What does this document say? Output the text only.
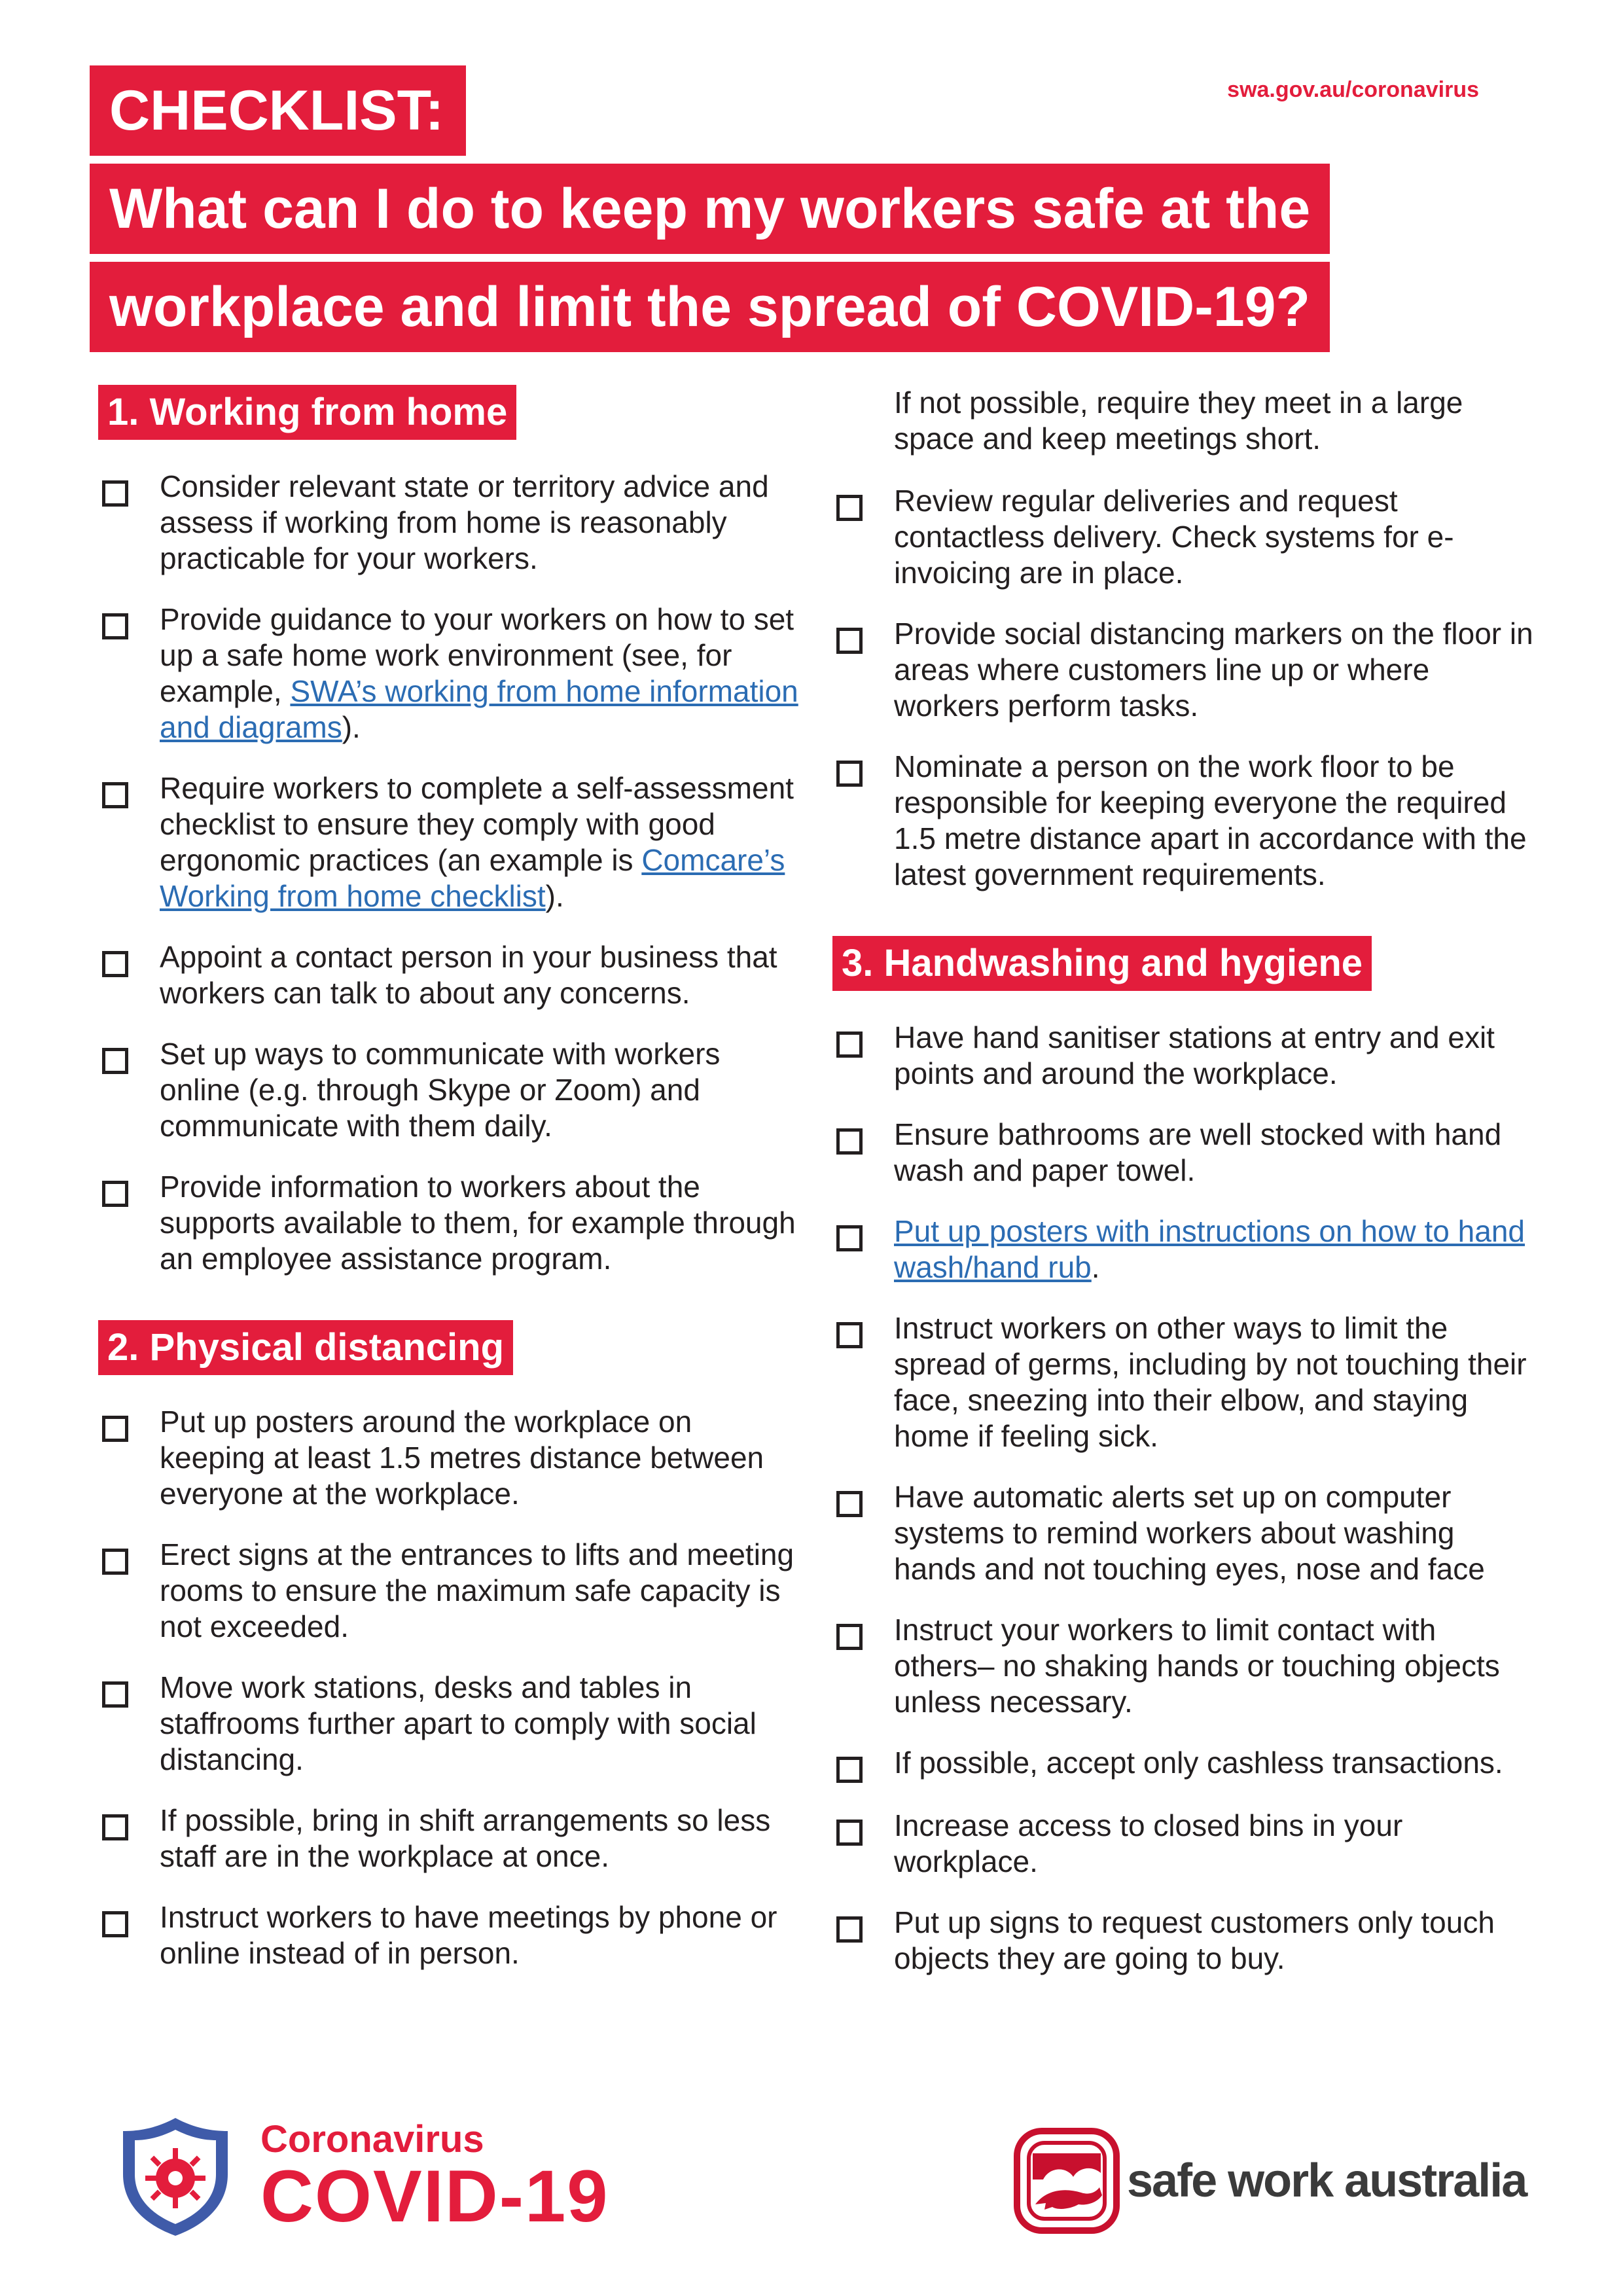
CHECKLIST:
What can I do to keep my workers safe at the
workplace and limit the spread of COVID-19?
swa.gov.au/coronavirus
1. Working from home
Consider relevant state or territory advice and assess if working from home is reasonably practicable for your workers.
Provide guidance to your workers on how to set up a safe home work environment (see, for example, SWA’s working from home information and diagrams).
Require workers to complete a self-assessment checklist to ensure they comply with good ergonomic practices (an example is Comcare’s Working from home checklist).
Appoint a contact person in your business that workers can talk to about any concerns.
Set up ways to communicate with workers online (e.g. through Skype or Zoom) and communicate with them daily.
Provide information to workers about the supports available to them, for example through an employee assistance program.
2. Physical distancing
Put up posters around the workplace on keeping at least 1.5 metres distance between everyone at the workplace.
Erect signs at the entrances to lifts and meeting rooms to ensure the maximum safe capacity is not exceeded.
Move work stations, desks and tables in staffrooms further apart to comply with social distancing.
If possible, bring in shift arrangements so less staff are in the workplace at once.
Instruct workers to have meetings by phone or online instead of in person.
If not possible, require they meet in a large space and keep meetings short.
Review regular deliveries and request contactless delivery. Check systems for e-invoicing are in place.
Provide social distancing markers on the floor in areas where customers line up or where workers perform tasks.
Nominate a person on the work floor to be responsible for keeping everyone the required 1.5 metre distance apart in accordance with the latest government requirements.
3. Handwashing and hygiene
Have hand sanitiser stations at entry and exit points and around the workplace.
Ensure bathrooms are well stocked with hand wash and paper towel.
Put up posters with instructions on how to hand wash/hand rub.
Instruct workers on other ways to limit the spread of germs, including by not touching their face, sneezing into their elbow, and staying home if feeling sick.
Have automatic alerts set up on computer systems to remind workers about washing hands and not touching eyes, nose and face
Instruct your workers to limit contact with others– no shaking hands or touching objects unless necessary.
If possible, accept only cashless transactions.
Increase access to closed bins in your workplace.
Put up signs to request customers only touch objects they are going to buy.
Coronavirus
COVID-19	safe work australia
